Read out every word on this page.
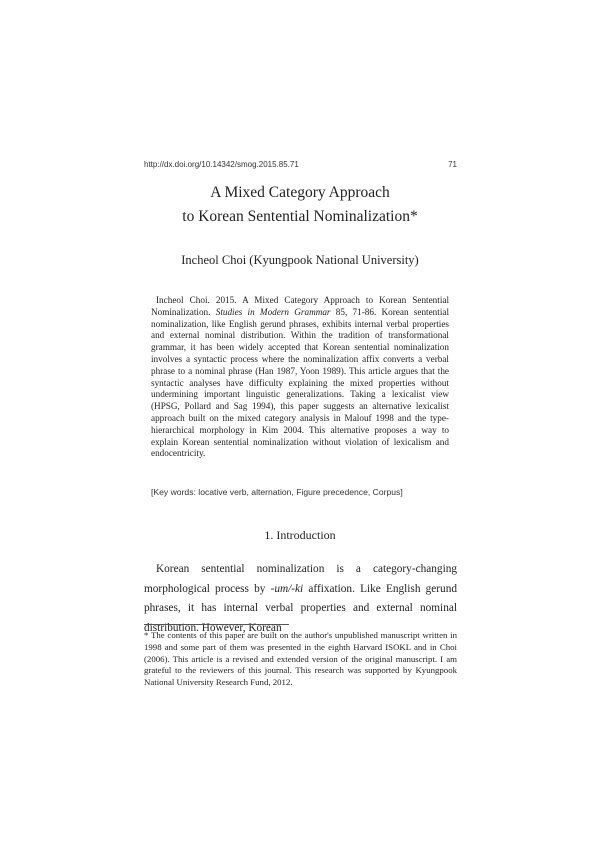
http://dx.doi.org/10.14342/smog.2015.85.71	71
A Mixed Category Approach
to Korean Sentential Nominalization*
Incheol Choi (Kyungpook National University)

Incheol Choi. 2015. A Mixed Category Approach to Korean Sentential Nominalization. Studies in Modern Grammar 85, 71-86. Korean sentential nominalization, like English gerund phrases, exhibits internal verbal properties and external nominal distribution. Within the tradition of transformational grammar, it has been widely accepted that Korean sentential nominalization involves a syntactic process where the nominalization affix converts a verbal phrase to a nominal phrase (Han 1987, Yoon 1989). This article argues that the syntactic analyses have difficulty explaining the mixed properties without undermining important linguistic generalizations. Taking a lexicalist view (HPSG, Pollard and Sag 1994), this paper suggests an alternative lexicalist approach built on the mixed category analysis in Malouf 1998 and the type-hierarchical morphology in Kim 2004. This alternative proposes a way to explain Korean sentential nominalization without violation of lexicalism and endocentricity.

[Key words: locative verb, alternation, Figure precedence, Corpus]
1. Introduction

Korean sentential nominalization is a category-changing morphological process by -um/-ki affixation. Like English gerund phrases, it has internal verbal properties and external nominal distribution. However, Korean

* The contents of this paper are built on the author's unpublished manuscript written in 1998 and some part of them was presented in the eighth Harvard ISOKL and in Choi (2006). This article is a revised and extended version of the original manuscript. I am grateful to the reviewers of this journal. This research was supported by Kyungpook National University Research Fund, 2012.
